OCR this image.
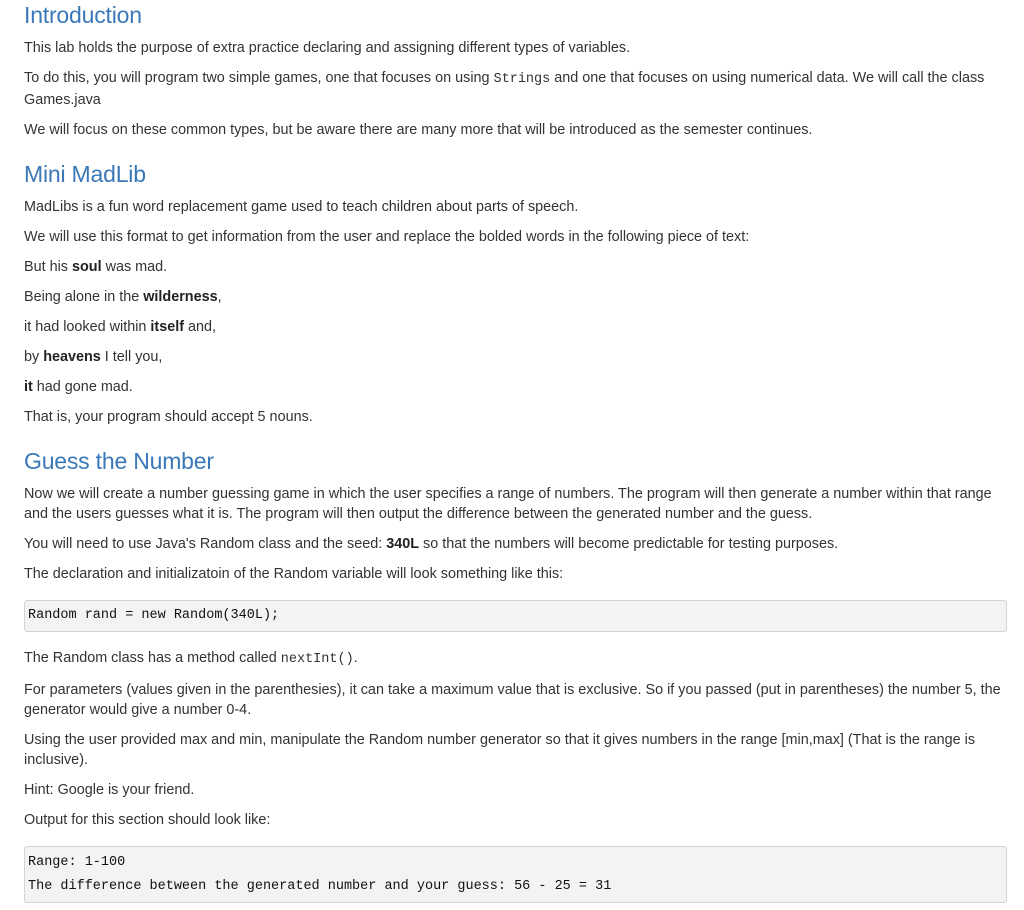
Introduction

This lab holds the purpose of extra practice declaring and assigning different types of variables.

To do this, you will program two simple games, one that focuses on using Strings and one that focuses on using numerical data. We will call the class Games.java

We will focus on these common types, but be aware there are many more that will be introduced as the semester continues.

Mini MadLib

MadLibs is a fun word replacement game used to teach children about parts of speech.

We will use this format to get information from the user and replace the bolded words in the following piece of text:

But his soul was mad.

Being alone in the wilderness,

it had looked within itself and,

by heavens I tell you,

it had gone mad.

That is, your program should accept 5 nouns.

Guess the Number

Now we will create a number guessing game in which the user specifies a range of numbers. The program will then generate a number within that range and the users guesses what it is. The program will then output the difference between the generated number and the guess.

You will need to use Java's Random class and the seed: 340L so that the numbers will become predictable for testing purposes.

The declaration and initializatoin of the Random variable will look something like this:

Random rand = new Random(340L);

The Random class has a method called nextInt().

For parameters (values given in the parenthesies), it can take a maximum value that is exclusive. So if you passed (put in parentheses) the number 5, the generator would give a number 0-4.

Using the user provided max and min, manipulate the Random number generator so that it gives numbers in the range [min,max] (That is the range is inclusive).

Hint: Google is your friend.

Output for this section should look like:

Range: 1-100
The difference between the generated number and your guess: 56 - 25 = 31
